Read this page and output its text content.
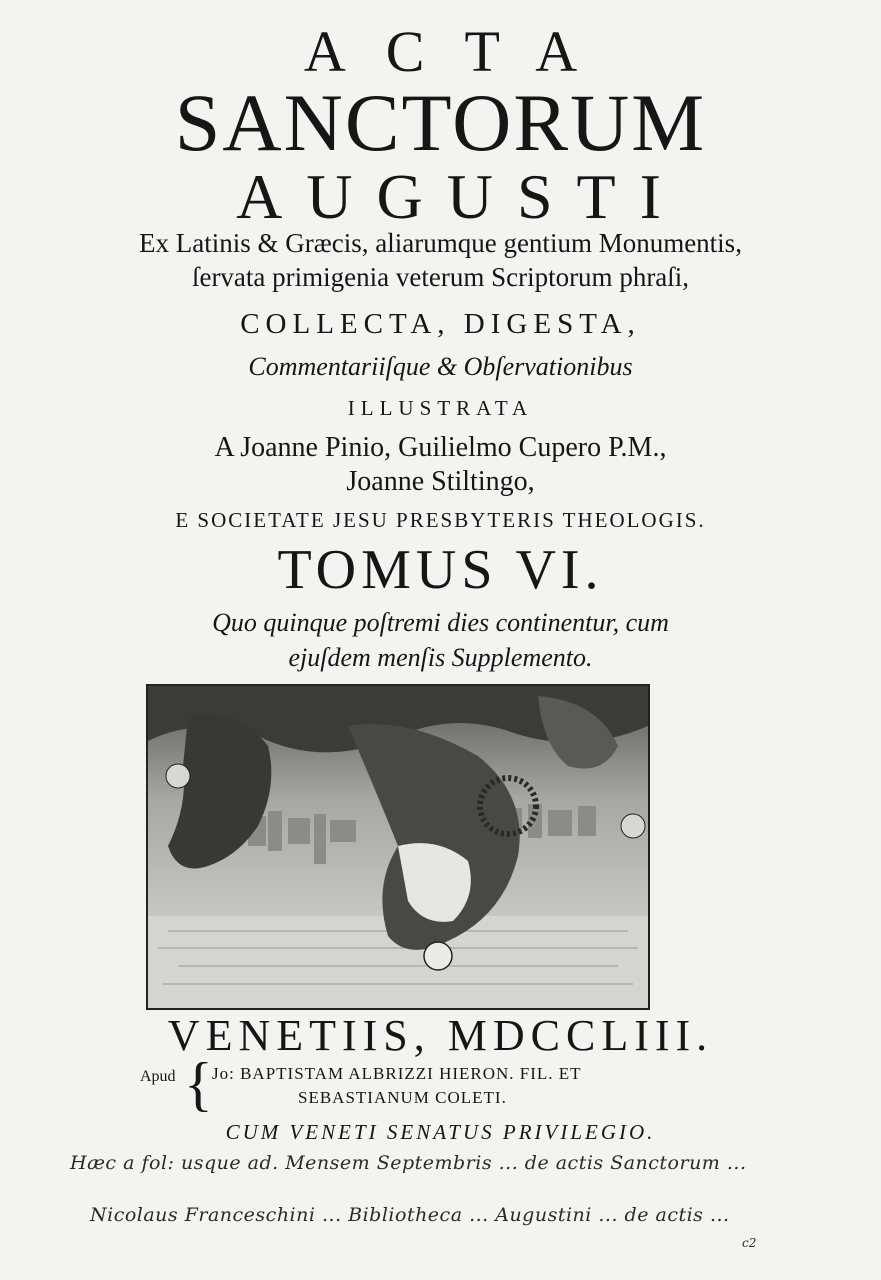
ACTA
SANCTORUM
AUGUSTI
Ex Latinis & Græcis, aliarumque gentium Monumentis,
ſervata primigenia veterum Scriptorum phraſi,
COLLECTA, DIGESTA,
Commentariiſque & Obſervationibus
ILLUSTRATA
A Joanne Pinio, Guilielmo Cupero P.M.,
Joanne Stiltingo,
E SOCIETATE JESU PRESBYTERIS THEOLOGIS.
TOMUS VI.
Quo quinque poſtremi dies continentur, cum
ejuſdem menſis Supplemento.
VENETIIS, MDCCLIII.
Apud { Jo: BAPTISTAM ALBRIZZI HIERON. FIL. ET
SEBASTIANUM COLETI.
CUM VENETI SENATUS PRIVILEGIO.
Hæc a fol: usque ad. Mensem Septembris ... de actis Sanctorum ...
Nicolaus Franceschini ... Bibliotheca ... Augustini ... de actis ...
c2
